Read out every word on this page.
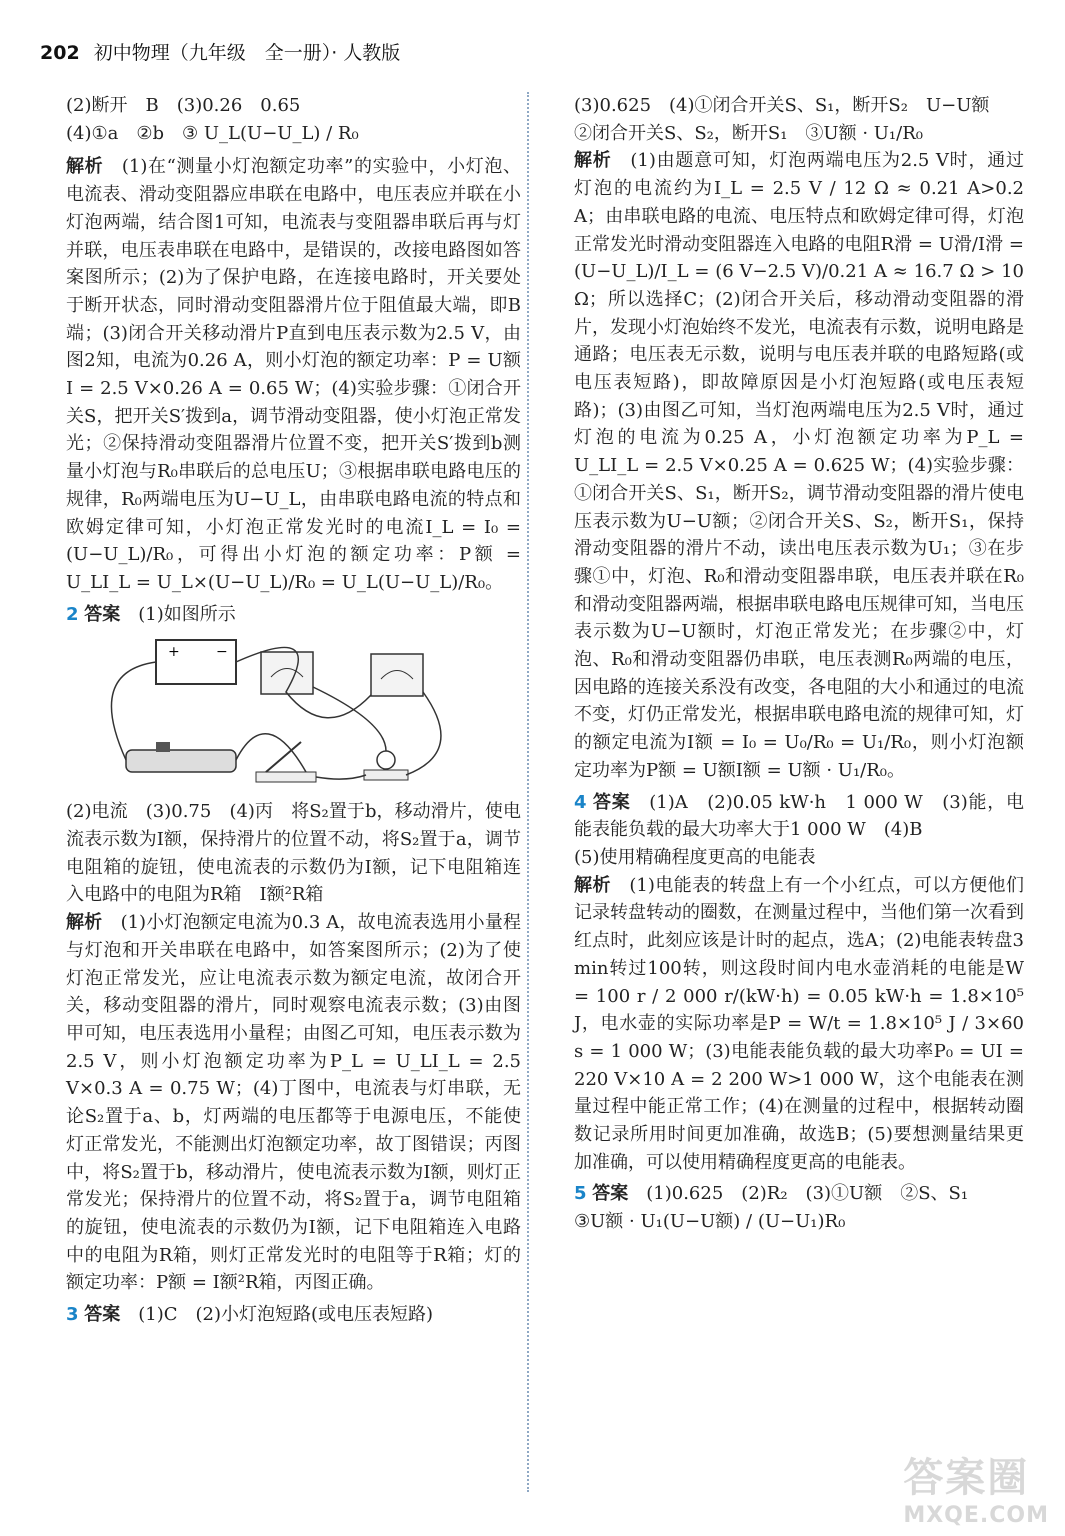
202 初中物理（九年级　全一册）· 人教版

(2)断开　B　(3)0.26　0.65

(4)①a　②b　③ U_L(U−U_L) / R₀

解析　 (1)在“测量小灯泡额定功率”的实验中，小灯泡、电流表、滑动变阻器应串联在电路中，电压表应并联在小灯泡两端，结合图1可知，电流表与变阻器串联后再与灯并联，电压表串联在电路中，是错误的，改接电路图如答案图所示；(2)为了保护电路，在连接电路时，开关要处于断开状态，同时滑动变阻器滑片位于阻值最大端，即B端；(3)闭合开关移动滑片P直到电压表示数为2.5 V，由图2知，电流为0.26 A，则小灯泡的额定功率：P = U额I = 2.5 V×0.26 A = 0.65 W；(4)实验步骤：①闭合开关S，把开关S′拨到a，调节滑动变阻器，使小灯泡正常发光；②保持滑动变阻器滑片位置不变，把开关S′拨到b测量小灯泡与R₀串联后的总电压U；③根据串联电路电压的规律，R₀两端电压为U−U_L，由串联电路电流的特点和欧姆定律可知，小灯泡正常发光时的电流I_L = I₀ = (U−U_L)/R₀，可得出小灯泡的额定功率：P额 = U_LI_L = U_L×(U−U_L)/R₀ = U_L(U−U_L)/R₀。

2 答案　 (1)如图所示

+	−

(2)电流　(3)0.75　(4)丙　将S₂置于b，移动滑片，使电流表示数为I额，保持滑片的位置不动，将S₂置于a，调节电阻箱的旋钮，使电流表的示数仍为I额，记下电阻箱连入电路中的电阻为R箱　I额²R箱

解析　 (1)小灯泡额定电流为0.3 A，故电流表选用小量程与灯泡和开关串联在电路中，如答案图所示；(2)为了使灯泡正常发光，应让电流表示数为额定电流，故闭合开关，移动变阻器的滑片，同时观察电流表示数；(3)由图甲可知，电压表选用小量程；由图乙可知，电压表示数为2.5 V，则小灯泡额定功率为P_L = U_LI_L = 2.5 V×0.3 A = 0.75 W；(4)丁图中，电流表与灯串联，无论S₂置于a、b，灯两端的电压都等于电源电压，不能使灯正常发光，不能测出灯泡额定功率，故丁图错误；丙图中，将S₂置于b，移动滑片，使电流表示数为I额，则灯正常发光；保持滑片的位置不动，将S₂置于a，调节电阻箱的旋钮，使电流表的示数仍为I额，记下电阻箱连入电路中的电阻为R箱，则灯正常发光时的电阻等于R箱；灯的额定功率：P额 = I额²R箱，丙图正确。

3 答案　 (1)C　(2)小灯泡短路(或电压表短路)

(3)0.625　(4)①闭合开关S、S₁，断开S₂　U−U额

②闭合开关S、S₂，断开S₁　③U额 · U₁/R₀

解析　 (1)由题意可知，灯泡两端电压为2.5 V时，通过灯泡的电流约为I_L = 2.5 V / 12 Ω ≈ 0.21 A>0.2 A；由串联电路的电流、电压特点和欧姆定律可得，灯泡正常发光时滑动变阻器连入电路的电阻R滑 = U滑/I滑 = (U−U_L)/I_L = (6 V−2.5 V)/0.21 A ≈ 16.7 Ω > 10 Ω；所以选择C；(2)闭合开关后，移动滑动变阻器的滑片，发现小灯泡始终不发光，电流表有示数，说明电路是通路；电压表无示数，说明与电压表并联的电路短路(或电压表短路)，即故障原因是小灯泡短路(或电压表短路)；(3)由图乙可知，当灯泡两端电压为2.5 V时，通过灯泡的电流为0.25 A，小灯泡额定功率为P_L = U_LI_L = 2.5 V×0.25 A = 0.625 W；(4)实验步骤：①闭合开关S、S₁，断开S₂，调节滑动变阻器的滑片使电压表示数为U−U额；②闭合开关S、S₂，断开S₁，保持滑动变阻器的滑片不动，读出电压表示数为U₁；③在步骤①中，灯泡、R₀和滑动变阻器串联，电压表并联在R₀和滑动变阻器两端，根据串联电路电压规律可知，当电压表示数为U−U额时，灯泡正常发光；在步骤②中，灯泡、R₀和滑动变阻器仍串联，电压表测R₀两端的电压，因电路的连接关系没有改变，各电阻的大小和通过的电流不变，灯仍正常发光，根据串联电路电流的规律可知，灯的额定电流为I额 = I₀ = U₀/R₀ = U₁/R₀，则小灯泡额定功率为P额 = U额I额 = U额 · U₁/R₀。

4 答案　 (1)A　(2)0.05 kW·h　1 000 W　(3)能，电能表能负载的最大功率大于1 000 W　(4)B

(5)使用精确程度更高的电能表

解析　 (1)电能表的转盘上有一个小红点，可以方便他们记录转盘转动的圈数，在测量过程中，当他们第一次看到红点时，此刻应该是计时的起点，选A；(2)电能表转盘3 min转过100转，则这段时间内电水壶消耗的电能是W = 100 r / 2 000 r/(kW·h) = 0.05 kW·h = 1.8×10⁵ J，电水壶的实际功率是P = W/t = 1.8×10⁵ J / 3×60 s = 1 000 W；(3)电能表能负载的最大功率P₀ = UI = 220 V×10 A = 2 200 W>1 000 W，这个电能表在测量过程中能正常工作；(4)在测量的过程中，根据转动圈数记录所用时间更加准确，故选B；(5)要想测量结果更加准确，可以使用精确程度更高的电能表。

5 答案　 (1)0.625　(2)R₂　(3)①U额　②S、S₁

③U额 · U₁(U−U额) / (U−U₁)R₀

答案圈
MXQE.COM
